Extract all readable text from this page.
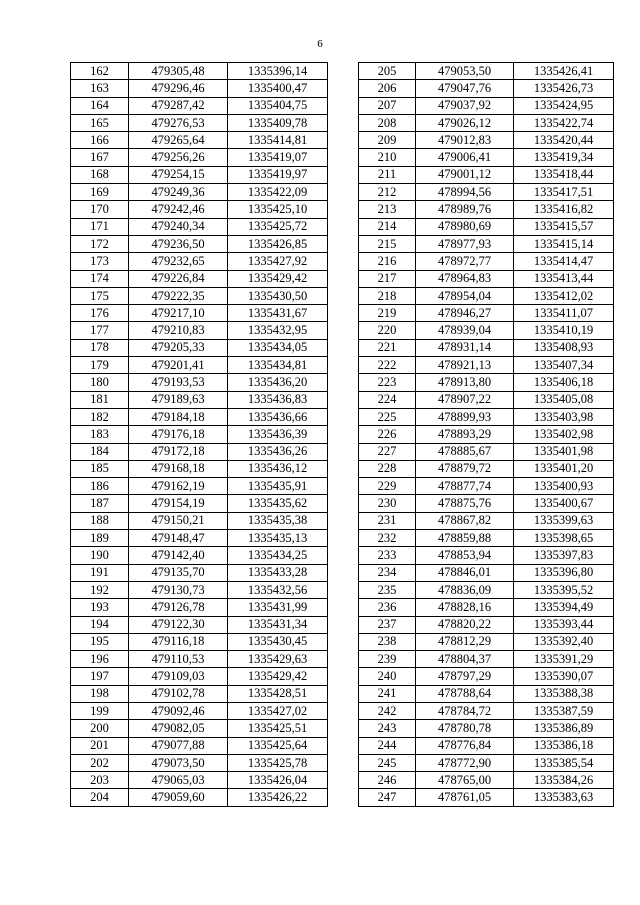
6
162	479305,48	1335396,14
163	479296,46	1335400,47
164	479287,42	1335404,75
165	479276,53	1335409,78
166	479265,64	1335414,81
167	479256,26	1335419,07
168	479254,15	1335419,97
169	479249,36	1335422,09
170	479242,46	1335425,10
171	479240,34	1335425,72
172	479236,50	1335426,85
173	479232,65	1335427,92
174	479226,84	1335429,42
175	479222,35	1335430,50
176	479217,10	1335431,67
177	479210,83	1335432,95
178	479205,33	1335434,05
179	479201,41	1335434,81
180	479193,53	1335436,20
181	479189,63	1335436,83
182	479184,18	1335436,66
183	479176,18	1335436,39
184	479172,18	1335436,26
185	479168,18	1335436,12
186	479162,19	1335435,91
187	479154,19	1335435,62
188	479150,21	1335435,38
189	479148,47	1335435,13
190	479142,40	1335434,25
191	479135,70	1335433,28
192	479130,73	1335432,56
193	479126,78	1335431,99
194	479122,30	1335431,34
195	479116,18	1335430,45
196	479110,53	1335429,63
197	479109,03	1335429,42
198	479102,78	1335428,51
199	479092,46	1335427,02
200	479082,05	1335425,51
201	479077,88	1335425,64
202	479073,50	1335425,78
203	479065,03	1335426,04
204	479059,60	1335426,22
205	479053,50	1335426,41
206	479047,76	1335426,73
207	479037,92	1335424,95
208	479026,12	1335422,74
209	479012,83	1335420,44
210	479006,41	1335419,34
211	479001,12	1335418,44
212	478994,56	1335417,51
213	478989,76	1335416,82
214	478980,69	1335415,57
215	478977,93	1335415,14
216	478972,77	1335414,47
217	478964,83	1335413,44
218	478954,04	1335412,02
219	478946,27	1335411,07
220	478939,04	1335410,19
221	478931,14	1335408,93
222	478921,13	1335407,34
223	478913,80	1335406,18
224	478907,22	1335405,08
225	478899,93	1335403,98
226	478893,29	1335402,98
227	478885,67	1335401,98
228	478879,72	1335401,20
229	478877,74	1335400,93
230	478875,76	1335400,67
231	478867,82	1335399,63
232	478859,88	1335398,65
233	478853,94	1335397,83
234	478846,01	1335396,80
235	478836,09	1335395,52
236	478828,16	1335394,49
237	478820,22	1335393,44
238	478812,29	1335392,40
239	478804,37	1335391,29
240	478797,29	1335390,07
241	478788,64	1335388,38
242	478784,72	1335387,59
243	478780,78	1335386,89
244	478776,84	1335386,18
245	478772,90	1335385,54
246	478765,00	1335384,26
247	478761,05	1335383,63
